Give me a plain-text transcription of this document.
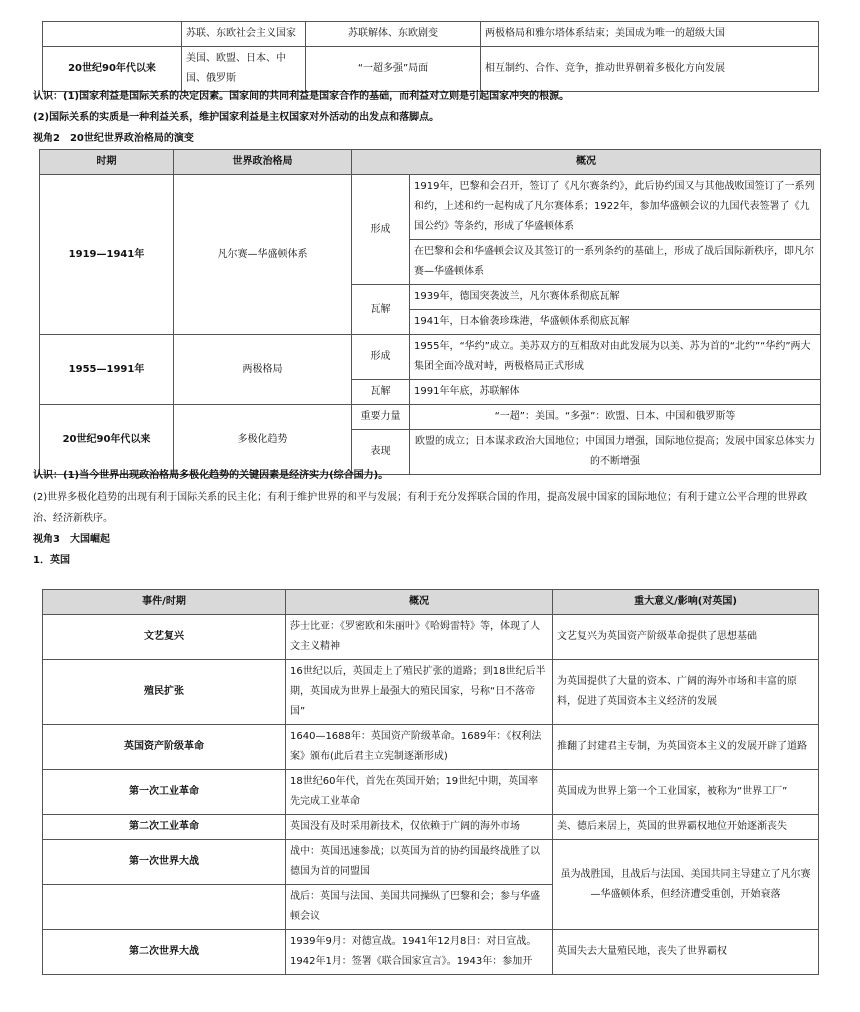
	苏联、东欧社会主义国家	苏联解体、东欧剧变	两极格局和雅尔塔体系结束；美国成为唯一的超级大国
20世纪90年代以来	美国、欧盟、日本、中国、俄罗斯	“一超多强”局面	相互制约、合作、竞争，推动世界朝着多极化方向发展
认识：(1)国家利益是国际关系的决定因素。国家间的共同利益是国家合作的基础，而利益对立则是引起国家冲突的根源。
(2)国际关系的实质是一种利益关系，维护国家利益是主权国家对外活动的出发点和落脚点。
视角2　20世纪世界政治格局的演变
时期	世界政治格局	概况	
1919—1941年	凡尔赛—华盛顿体系	形成	1919年，巴黎和会召开，签订了《凡尔赛条约》，此后协约国又与其他战败国签订了一系列和约，上述和约一起构成了凡尔赛体系；1922年，参加华盛顿会议的九国代表签署了《九国公约》等条约，形成了华盛顿体系
			在巴黎和会和华盛顿会议及其签订的一系列条约的基础上，形成了战后国际新秩序，即凡尔赛—华盛顿体系
		瓦解	1939年，德国突袭波兰，凡尔赛体系彻底瓦解
			1941年，日本偷袭珍珠港，华盛顿体系彻底瓦解
1955—1991年	两极格局	形成	1955年，“华约”成立。美苏双方的互相敌对由此发展为以美、苏为首的“北约”“华约”两大集团全面冷战对峙，两极格局正式形成
		瓦解	1991年年底，苏联解体
20世纪90年代以来	多极化趋势	重要力量	“一超”：美国。“多强”：欧盟、日本、中国和俄罗斯等
		表现	欧盟的成立；日本谋求政治大国地位；中国国力增强，国际地位提高；发展中国家总体实力的不断增强
认识：(1)当今世界出现政治格局多极化趋势的关键因素是经济实力(综合国力)。
(2)世界多极化趋势的出现有利于国际关系的民主化；有利于维护世界的和平与发展；有利于充分发挥联合国的作用，提高发展中国家的国际地位；有利于建立公平合理的世界政治、经济新秩序。
视角3　大国崛起
1．英国
事件/时期	概况	重大意义/影响(对英国)
文艺复兴	莎士比亚：《罗密欧和朱丽叶》《哈姆雷特》等，体现了人文主义精神	文艺复兴为英国资产阶级革命提供了思想基础
殖民扩张	16世纪以后，英国走上了殖民扩张的道路；到18世纪后半期，英国成为世界上最强大的殖民国家，号称“日不落帝国”	为英国提供了大量的资本、广阔的海外市场和丰富的原料，促进了英国资本主义经济的发展
英国资产阶级革命	1640—1688年：英国资产阶级革命。1689年：《权利法案》颁布(此后君主立宪制逐渐形成)	推翻了封建君主专制，为英国资本主义的发展开辟了道路
第一次工业革命	18世纪60年代，首先在英国开始；19世纪中期，英国率先完成工业革命	英国成为世界上第一个工业国家，被称为“世界工厂”
第二次工业革命	英国没有及时采用新技术，仅依赖于广阔的海外市场	美、德后来居上，英国的世界霸权地位开始逐渐丧失
第一次世界大战	战中：英国迅速参战；以英国为首的协约国最终战胜了以德国为首的同盟国	虽为战胜国，且战后与法国、美国共同主导建立了凡尔赛—华盛顿体系，但经济遭受重创，开始衰落
	战后：英国与法国、美国共同操纵了巴黎和会；参与华盛顿会议	
第二次世界大战	1939年9月：对德宣战。1941年12月8日：对日宣战。1942年1月：签署《联合国家宣言》。1943年：参加开	英国失去大量殖民地，丧失了世界霸权
